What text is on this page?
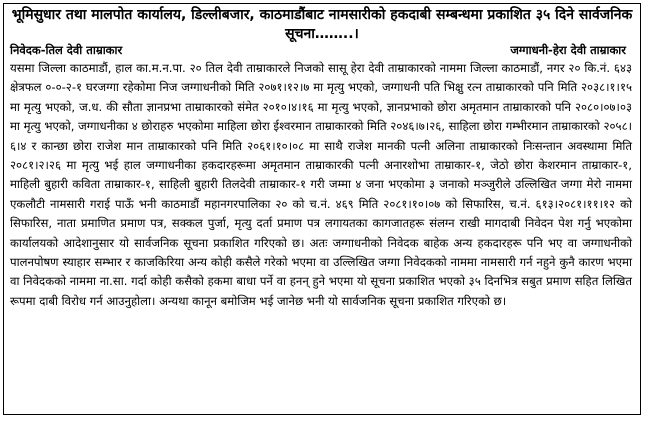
भूमिसुधार तथा मालपोत कार्यालय, डिल्लीबजार, काठमाडौंबाट नामसारीको हकदाबी सम्बन्धमा प्रकाशित ३५ दिने सार्वजनिक सूचना……..।
निवेदक-तिल देवी ताम्राकार	जग्गाधनी-हेरा देवी ताम्राकार

यसमा जिल्ला काठमाडौं, हाल का.म.न.पा. २० तिल देवी ताम्राकारले निजको सासू हेरा देवी ताम्राकारको नाममा जिल्ला काठमाडौं, नगर २० कि.नं. ६४३ क्षेत्रफल ०-०-२-१ घरजग्गा रहेकोमा निज जग्गाधनीको मिति २०७१।१२।७ मा मृत्यु भएको, जग्गाधनी पति भिक्षु रत्न ताम्राकारको पनि मिति २०३८।१।१५ मा मृत्यु भएको, ज.ध. की सौता ज्ञानप्रभा ताम्राकारको संमेत २०१०।४।१६ मा मृत्यु भएको, ज्ञानप्रभाको छोरा अमृतमान ताम्राकारको पनि २०८०।०७।०३ मा मृत्यु भएको, जग्गाधनीका ४ छोराहरु भएकोमा माहिला छोरा ईश्वरमान ताम्राकारको मिति २०४६।७।२६, साहिला छोरा गम्भीरमान ताम्राकारको २०५८।६।४ र कान्छा छोरा राजेश मान ताम्राकारको पनि मिति २०६१।१०।०८ मा साथै राजेश मानकी पत्नी अलिना ताम्राकारको निःसन्तान अवस्थामा मिति २०८१।२।२६ मा मृत्यु भई हाल जग्गाधनीका हकदारहरूमा अमृतमान ताम्राकारकी पत्नी अनारशोभा ताम्राकार-१, जेठो छोरा केशरमान ताम्राकार-१, माहिली बुहारी कविता ताम्राकार-१, साहिली बुहारी तिलदेवी ताम्राकार-१ गरी जम्मा ४ जना भएकोमा ३ जनाको मञ्जुरीले उल्लिखित जग्गा मेरो नाममा एकलौटी नामसारी गराई पाऊँ भनी काठमाडौं महानगरपालिका २० को च.नं. ४६९ मिति २०८१।१०।०७ को सिफारिस, च.नं. ६१३।२०८१।११।१२ को सिफारिस, नाता प्रमाणित प्रमाण पत्र, सक्कल पुर्जा, मृत्यु दर्ता प्रमाण पत्र लगायतका कागजातहरू संलग्न राखी मागदाबी निवेदन पेश गर्नु भएकोमा कार्यालयको आदेशानुसार यो सार्वजनिक सूचना प्रकाशित गरिएको छ। अतः जग्गाधनीको निवेदक बाहेक अन्य हकदारहरू पनि भए वा जग्गाधनीको पालनपोषण स्याहार सम्भार र काजकिरिया अन्य कोही कसैले गरेको भएमा वा उल्लिखित जग्गा निवेदकको नाममा नामसारी गर्न नहुने कुनै कारण भएमा वा निवेदकको नाममा ना.सा. गर्दा कोही कसैको हकमा बाधा पर्ने वा हनन् हुने भएमा यो सूचना प्रकाशित भएको ३५ दिनभित्र सबुत प्रमाण सहित लिखित रूपमा दाबी विरोध गर्न आउनुहोला। अन्यथा कानून बमोजिम भई जानेछ भनी यो सार्वजनिक सूचना प्रकाशित गरिएको छ।
